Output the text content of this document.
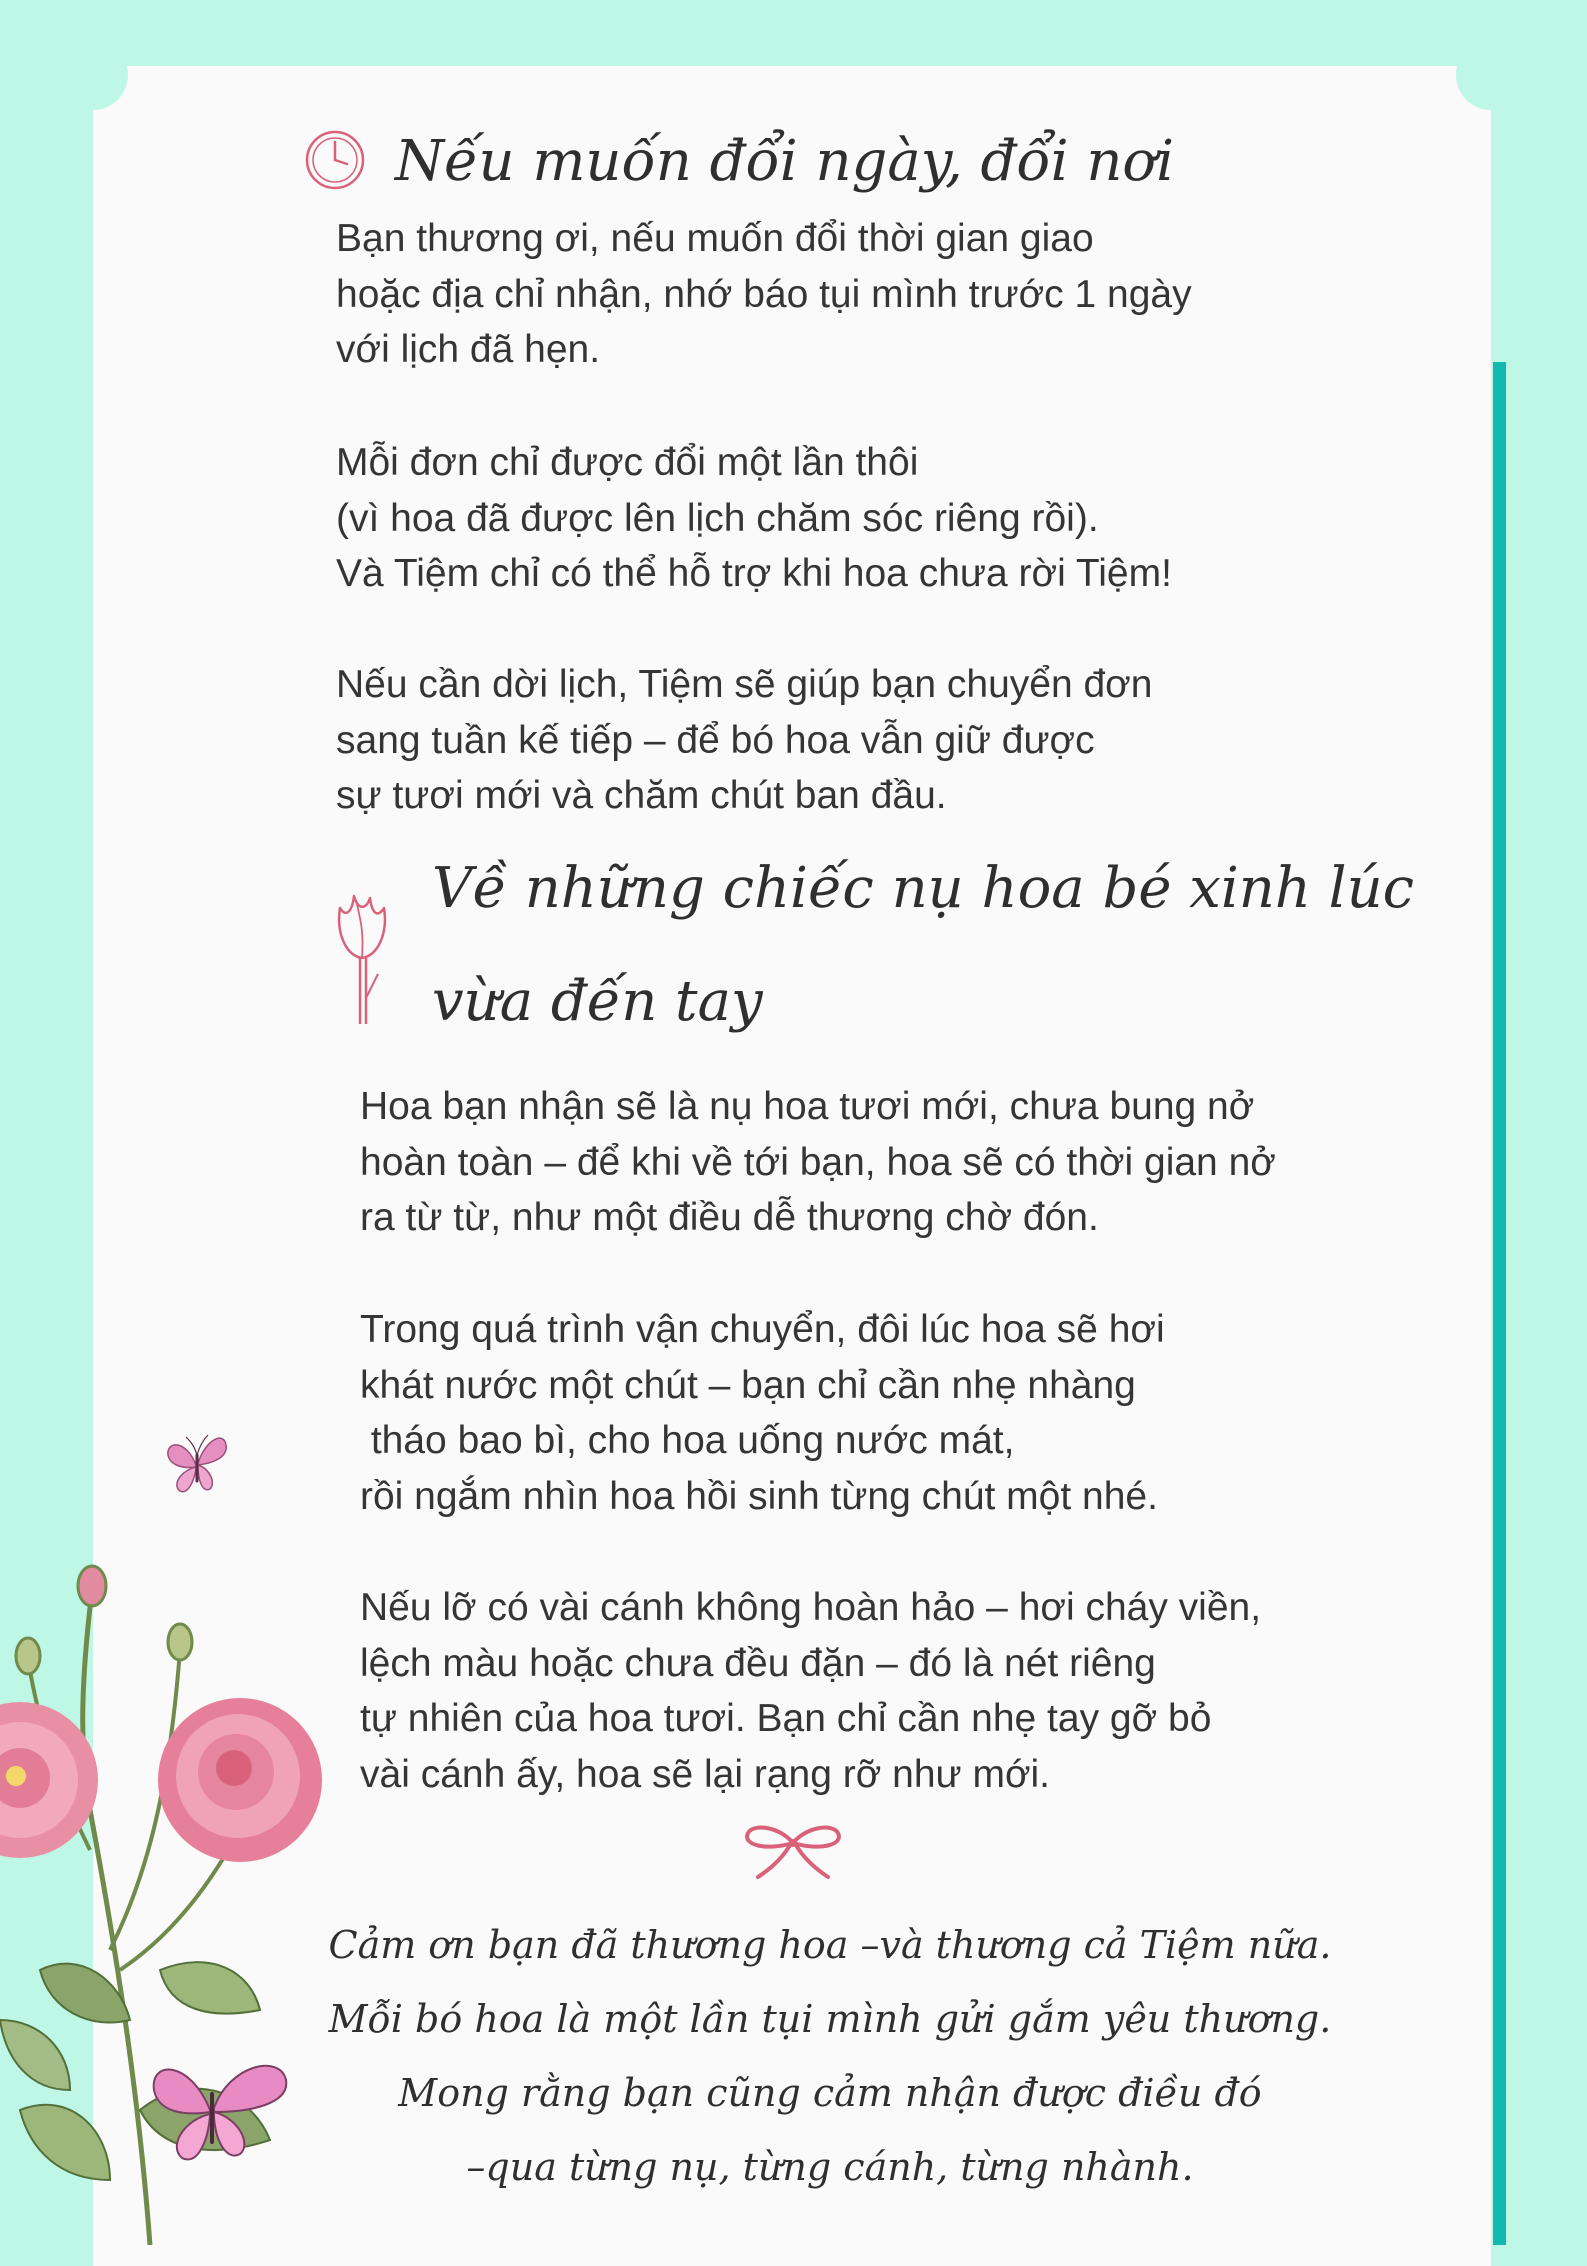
Nếu muốn đổi ngày, đổi nơi
Bạn thương ơi, nếu muốn đổi thời gian giao
hoặc địa chỉ nhận, nhớ báo tụi mình trước 1 ngày
với lịch đã hẹn.
Mỗi đơn chỉ được đổi một lần thôi
(vì hoa đã được lên lịch chăm sóc riêng rồi).
Và Tiệm chỉ có thể hỗ trợ khi hoa chưa rời Tiệm!
Nếu cần dời lịch, Tiệm sẽ giúp bạn chuyển đơn
sang tuần kế tiếp – để bó hoa vẫn giữ được
sự tươi mới và chăm chút ban đầu.
Về những chiếc nụ hoa bé xinh lúc
vừa đến tay
Hoa bạn nhận sẽ là nụ hoa tươi mới, chưa bung nở
hoàn toàn – để khi về tới bạn, hoa sẽ có thời gian nở
ra từ từ, như một điều dễ thương chờ đón.
Trong quá trình vận chuyển, đôi lúc hoa sẽ hơi
khát nước một chút – bạn chỉ cần nhẹ nhàng
tháo bao bì, cho hoa uống nước mát,
rồi ngắm nhìn hoa hồi sinh từng chút một nhé.
Nếu lỡ có vài cánh không hoàn hảo – hơi cháy viền,
lệch màu hoặc chưa đều đặn – đó là nét riêng
tự nhiên của hoa tươi. Bạn chỉ cần nhẹ tay gỡ bỏ
vài cánh ấy, hoa sẽ lại rạng rỡ như mới.
Cảm ơn bạn đã thương hoa –và thương cả Tiệm nữa.
Mỗi bó hoa là một lần tụi mình gửi gắm yêu thương.
Mong rằng bạn cũng cảm nhận được điều đó
–qua từng nụ, từng cánh, từng nhành.
